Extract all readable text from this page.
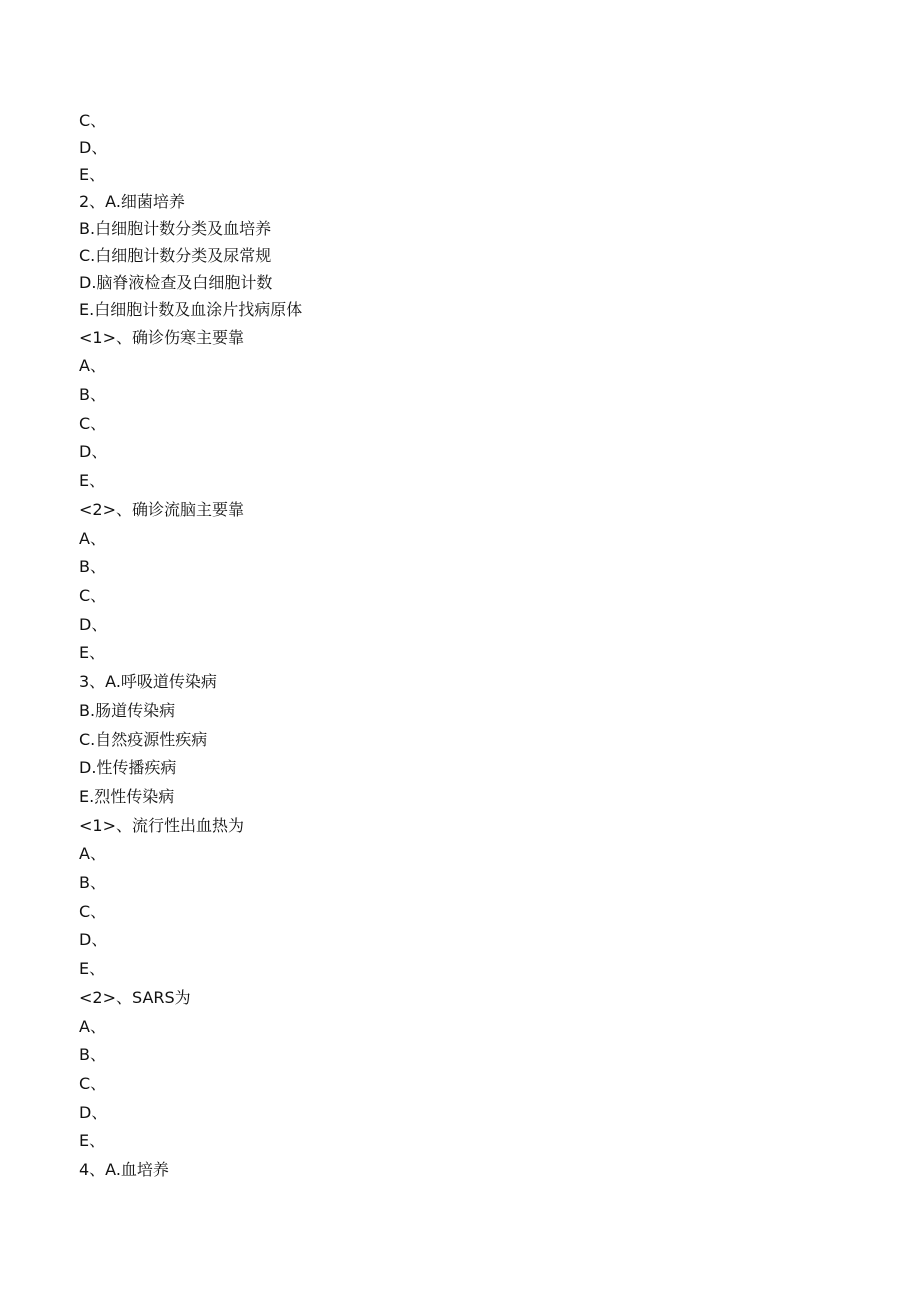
C、
D、
E、
2、A.细菌培养
B.白细胞计数分类及血培养
C.白细胞计数分类及尿常规
D.脑脊液检查及白细胞计数
E.白细胞计数及血涂片找病原体
<1>、确诊伤寒主要靠
A、
B、
C、
D、
E、
<2>、确诊流脑主要靠
A、
B、
C、
D、
E、
3、A.呼吸道传染病
B.肠道传染病
C.自然疫源性疾病
D.性传播疾病
E.烈性传染病
<1>、流行性出血热为
A、
B、
C、
D、
E、
<2>、SARS为
A、
B、
C、
D、
E、
4、A.血培养
